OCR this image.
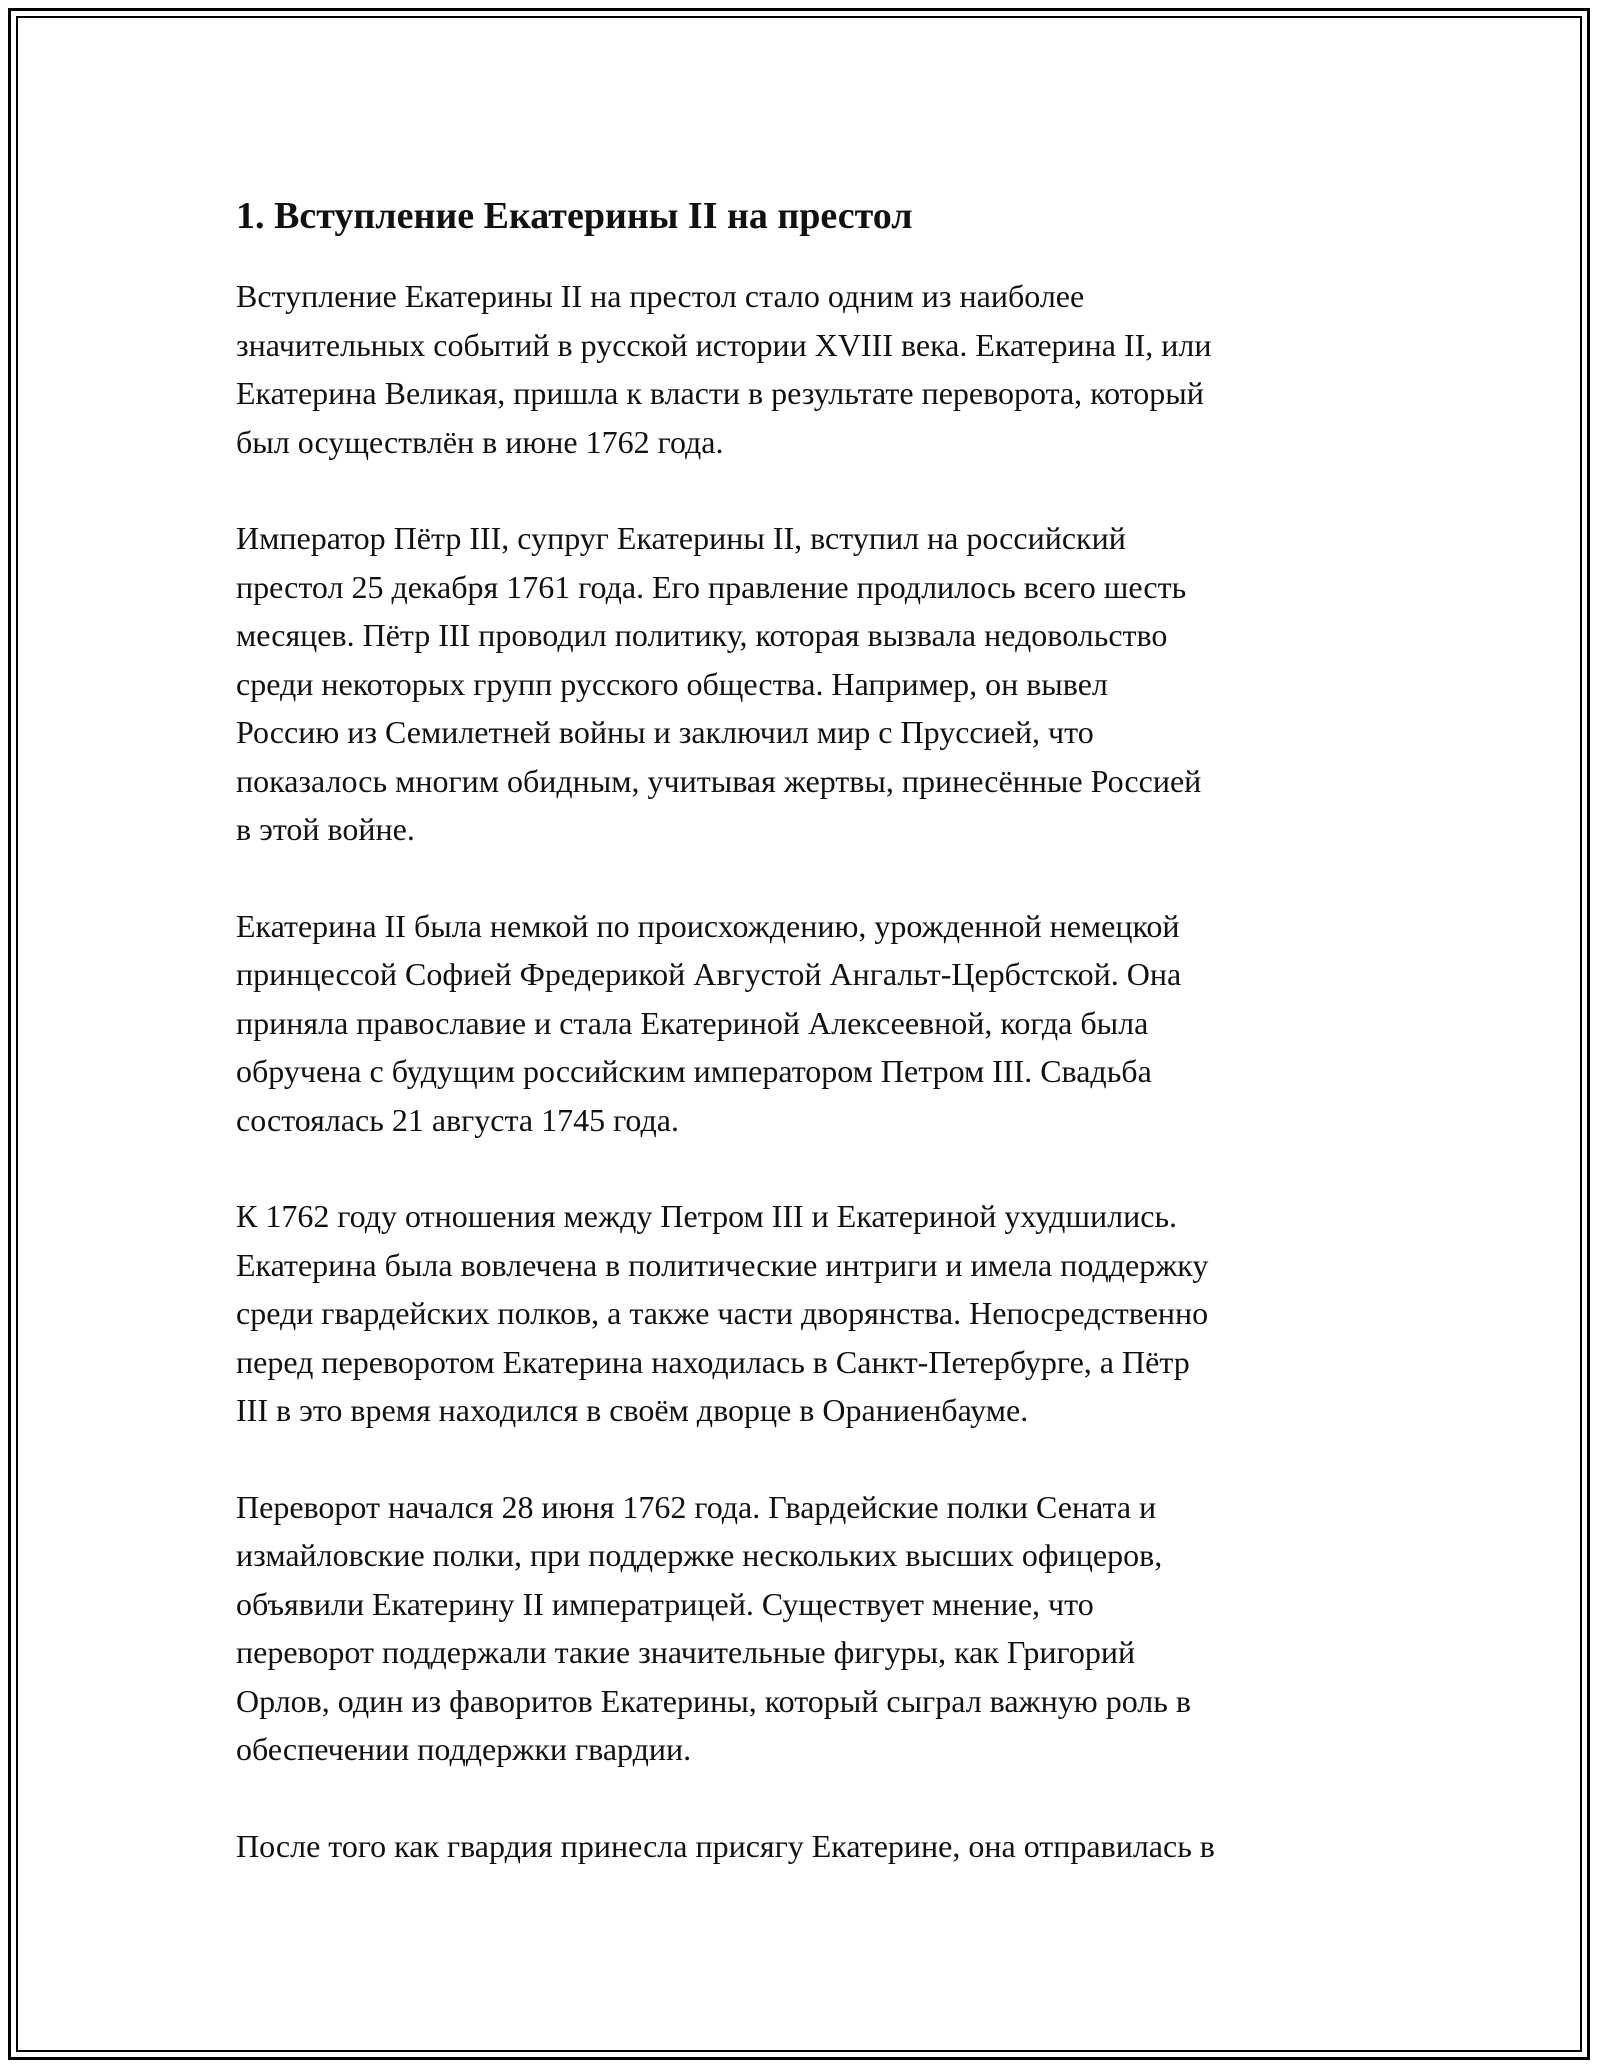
1. Вступление Екатерины II на престол

Вступление Екатерины II на престол стало одним из наиболее
значительных событий в русской истории XVIII века. Екатерина II, или
Екатерина Великая, пришла к власти в результате переворота, который
был осуществлён в июне 1762 года.

Император Пётр III, супруг Екатерины II, вступил на российский
престол 25 декабря 1761 года. Его правление продлилось всего шесть
месяцев. Пётр III проводил политику, которая вызвала недовольство
среди некоторых групп русского общества. Например, он вывел
Россию из Семилетней войны и заключил мир с Пруссией, что
показалось многим обидным, учитывая жертвы, принесённые Россией
в этой войне.

Екатерина II была немкой по происхождению, урожденной немецкой
принцессой Софией Фредерикой Августой Ангальт-Цербстской. Она
приняла православие и стала Екатериной Алексеевной, когда была
обручена с будущим российским императором Петром III. Свадьба
состоялась 21 августа 1745 года.

К 1762 году отношения между Петром III и Екатериной ухудшились.
Екатерина была вовлечена в политические интриги и имела поддержку
среди гвардейских полков, а также части дворянства. Непосредственно
перед переворотом Екатерина находилась в Санкт-Петербурге, а Пётр
III в это время находился в своём дворце в Ораниенбауме.

Переворот начался 28 июня 1762 года. Гвардейские полки Сената и
измайловские полки, при поддержке нескольких высших офицеров,
объявили Екатерину II императрицей. Существует мнение, что
переворот поддержали такие значительные фигуры, как Григорий
Орлов, один из фаворитов Екатерины, который сыграл важную роль в
обеспечении поддержки гвардии.

После того как гвардия принесла присягу Екатерине, она отправилась в
